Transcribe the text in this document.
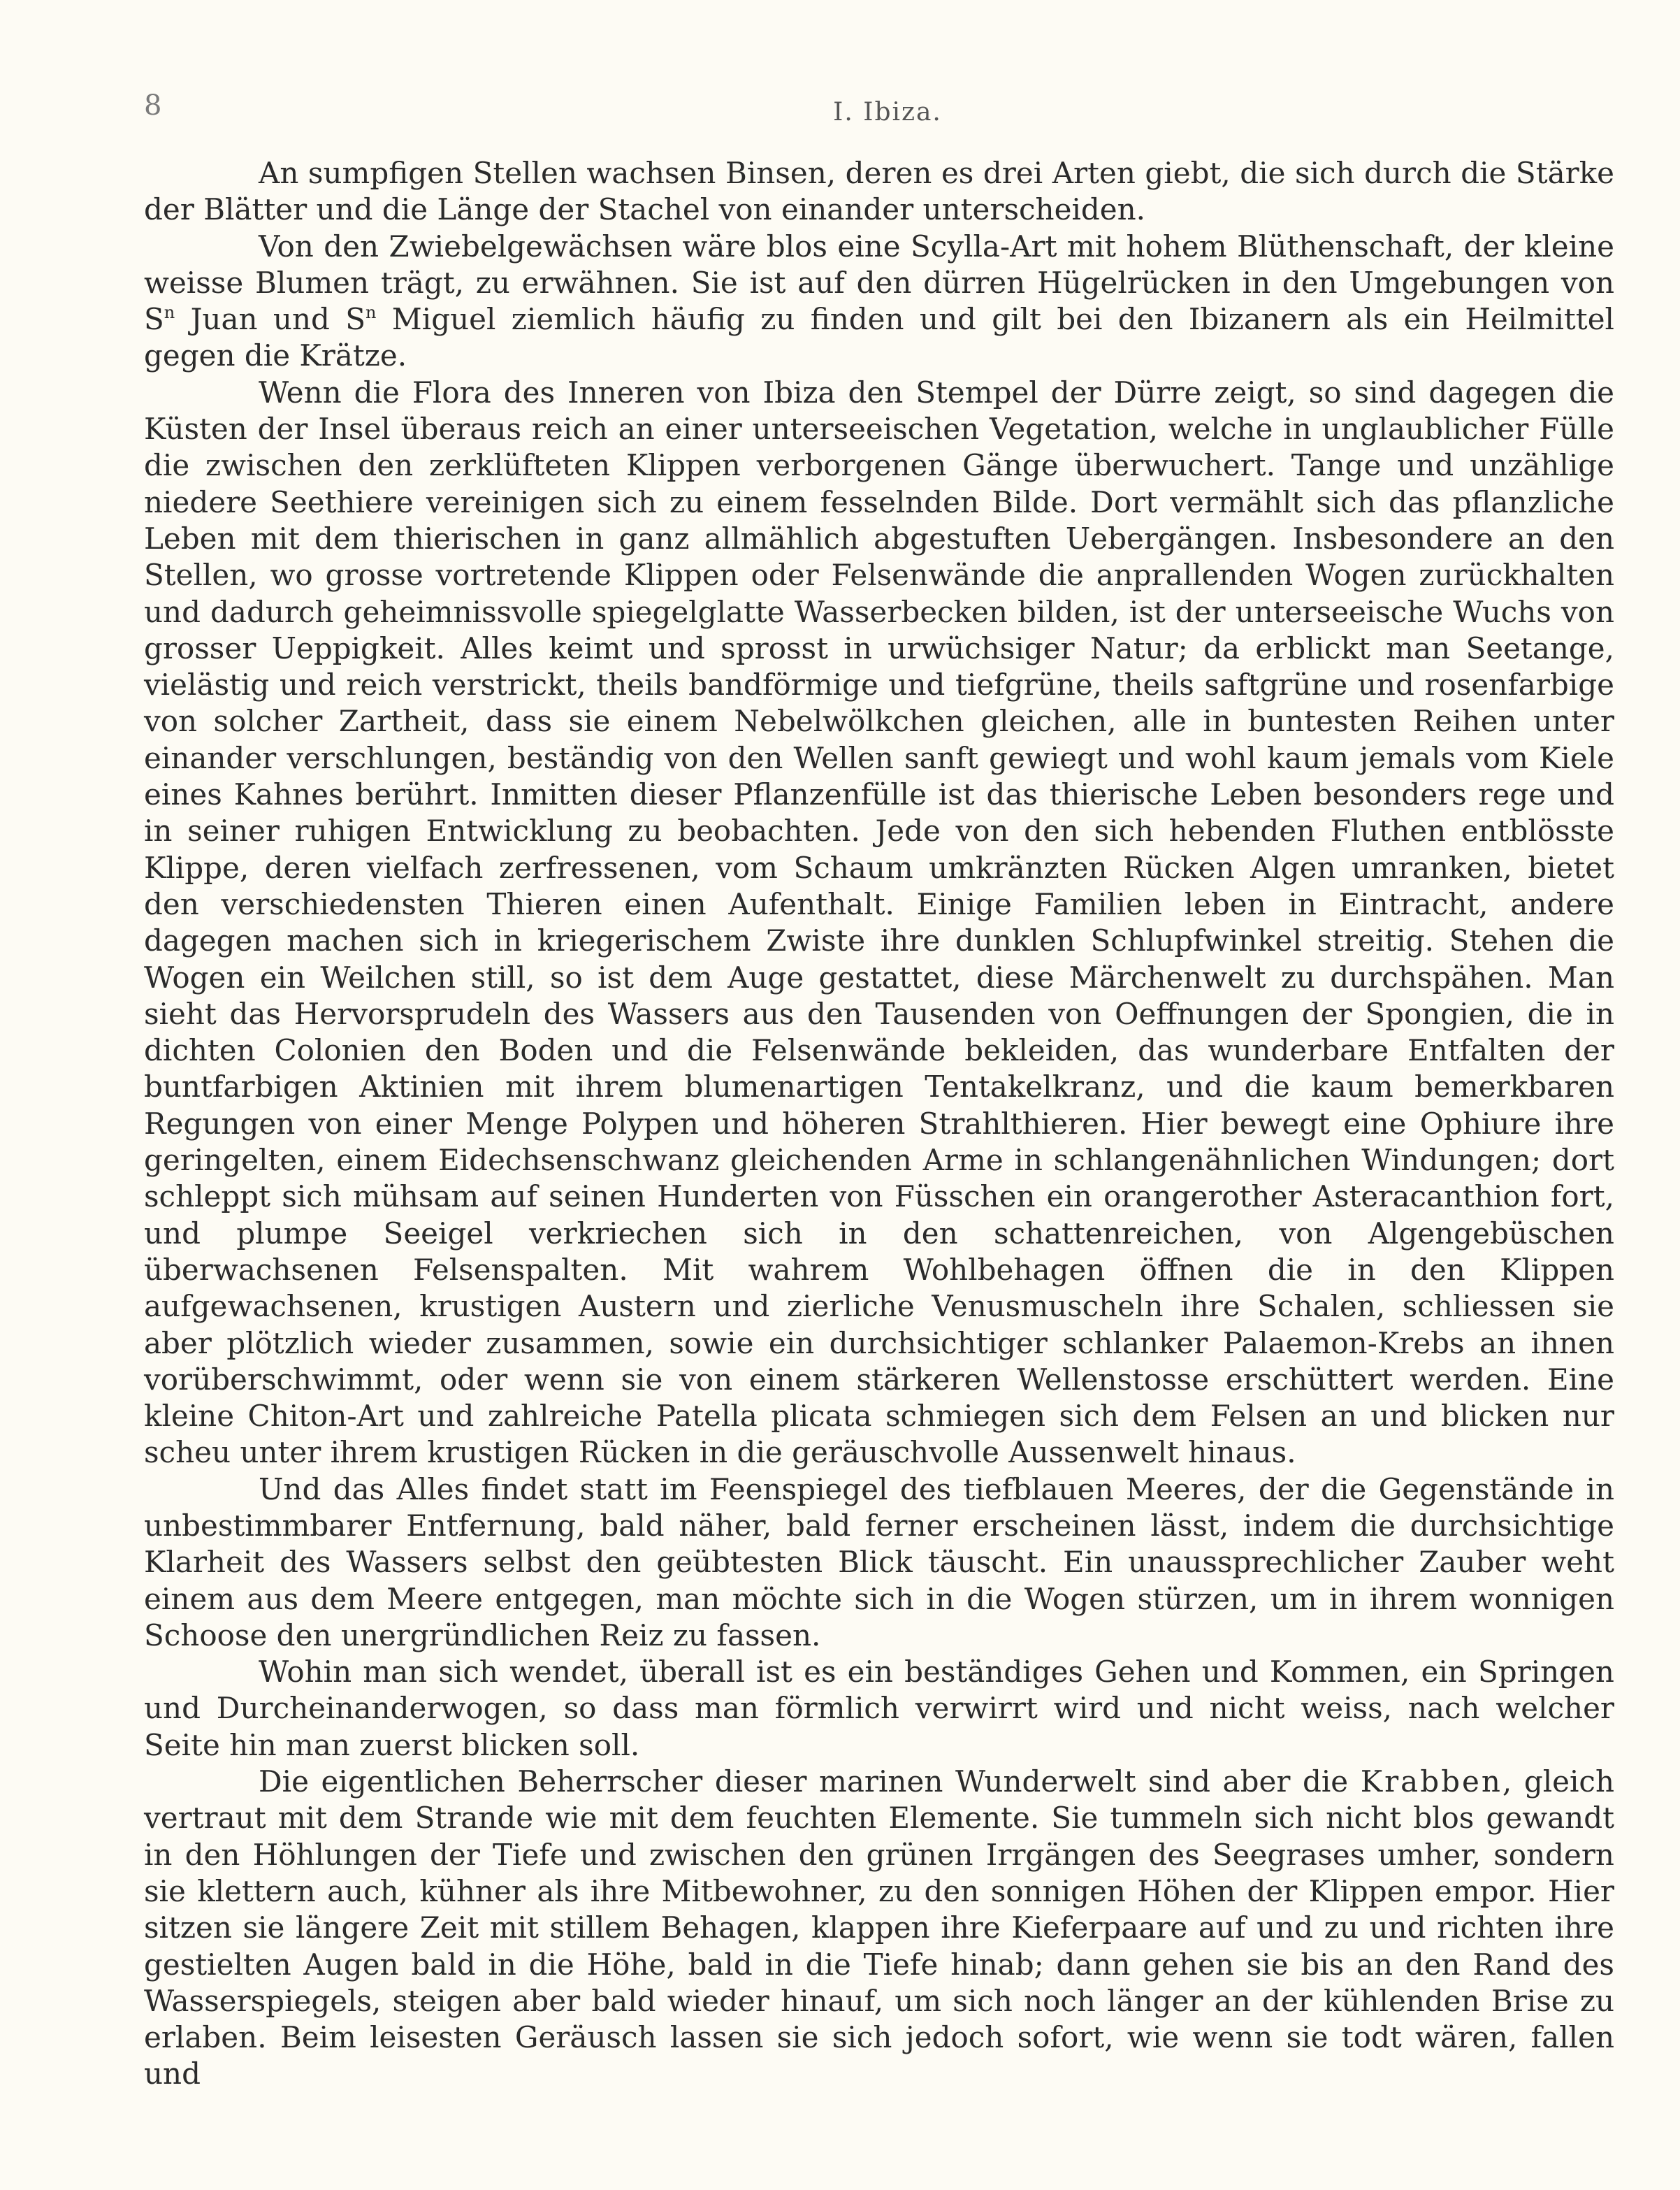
8	I. Ibiza.

An sumpfigen Stellen wachsen Binsen, deren es drei Arten giebt, die sich durch die Stärke der Blätter und die Länge der Stachel von einander unterscheiden.

Von den Zwiebelgewächsen wäre blos eine Scylla-Art mit hohem Blüthenschaft, der kleine weisse Blumen trägt, zu erwähnen. Sie ist auf den dürren Hügelrücken in den Umgebungen von $S^n$ Juan und $S^n$ Miguel ziemlich häufig zu finden und gilt bei den Ibizanern als ein Heilmittel gegen die Krätze.

Wenn die Flora des Inneren von Ibiza den Stempel der Dürre zeigt, so sind dagegen die Küsten der Insel überaus reich an einer unterseeischen Vegetation, welche in unglaublicher Fülle die zwischen den zerklüfteten Klippen verborgenen Gänge überwuchert. Tange und unzählige niedere Seethiere vereinigen sich zu einem fesselnden Bilde. Dort vermählt sich das pflanzliche Leben mit dem thierischen in ganz allmählich abgestuften Uebergängen. Insbesondere an den Stellen, wo grosse vortretende Klippen oder Felsenwände die anprallenden Wogen zurückhalten und dadurch geheimnissvolle spiegelglatte Wasserbecken bilden, ist der unterseeische Wuchs von grosser Ueppigkeit. Alles keimt und sprosst in urwüchsiger Natur; da erblickt man Seetange, vielästig und reich verstrickt, theils bandförmige und tiefgrüne, theils saftgrüne und rosenfarbige von solcher Zartheit, dass sie einem Nebelwölkchen gleichen, alle in buntesten Reihen unter einander verschlungen, beständig von den Wellen sanft gewiegt und wohl kaum jemals vom Kiele eines Kahnes berührt. Inmitten dieser Pflanzenfülle ist das thierische Leben besonders rege und in seiner ruhigen Entwicklung zu beobachten. Jede von den sich hebenden Fluthen entblösste Klippe, deren vielfach zerfressenen, vom Schaum umkränzten Rücken Algen umranken, bietet den verschiedensten Thieren einen Aufenthalt. Einige Familien leben in Eintracht, andere dagegen machen sich in kriegerischem Zwiste ihre dunklen Schlupfwinkel streitig. Stehen die Wogen ein Weilchen still, so ist dem Auge gestattet, diese Märchenwelt zu durchspähen. Man sieht das Hervorsprudeln des Wassers aus den Tausenden von Oeffnungen der Spongien, die in dichten Colonien den Boden und die Felsenwände bekleiden, das wunderbare Entfalten der buntfarbigen Aktinien mit ihrem blumenartigen Tentakelkranz, und die kaum bemerkbaren Regungen von einer Menge Polypen und höheren Strahlthieren. Hier bewegt eine Ophiure ihre geringelten, einem Eidechsenschwanz gleichenden Arme in schlangenähnlichen Windungen; dort schleppt sich mühsam auf seinen Hunderten von Füsschen ein orangerother Asteracanthion fort, und plumpe Seeigel verkriechen sich in den schattenreichen, von Algengebüschen überwachsenen Felsenspalten. Mit wahrem Wohlbehagen öffnen die in den Klippen aufgewachsenen, krustigen Austern und zierliche Venusmuscheln ihre Schalen, schliessen sie aber plötzlich wieder zusammen, sowie ein durchsichtiger schlanker Palaemon-Krebs an ihnen vorüberschwimmt, oder wenn sie von einem stärkeren Wellenstosse erschüttert werden. Eine kleine Chiton-Art und zahlreiche Patella plicata schmiegen sich dem Felsen an und blicken nur scheu unter ihrem krustigen Rücken in die geräuschvolle Aussenwelt hinaus.

Und das Alles findet statt im Feenspiegel des tiefblauen Meeres, der die Gegenstände in unbestimmbarer Entfernung, bald näher, bald ferner erscheinen lässt, indem die durchsichtige Klarheit des Wassers selbst den geübtesten Blick täuscht. Ein unaussprechlicher Zauber weht einem aus dem Meere entgegen, man möchte sich in die Wogen stürzen, um in ihrem wonnigen Schoose den unergründlichen Reiz zu fassen.

Wohin man sich wendet, überall ist es ein beständiges Gehen und Kommen, ein Springen und Durcheinanderwogen, so dass man förmlich verwirrt wird und nicht weiss, nach welcher Seite hin man zuerst blicken soll.

Die eigentlichen Beherrscher dieser marinen Wunderwelt sind aber die Krabben, gleich vertraut mit dem Strande wie mit dem feuchten Elemente. Sie tummeln sich nicht blos gewandt in den Höhlungen der Tiefe und zwischen den grünen Irrgängen des Seegrases umher, sondern sie klettern auch, kühner als ihre Mitbewohner, zu den sonnigen Höhen der Klippen empor. Hier sitzen sie längere Zeit mit stillem Behagen, klappen ihre Kieferpaare auf und zu und richten ihre gestielten Augen bald in die Höhe, bald in die Tiefe hinab; dann gehen sie bis an den Rand des Wasserspiegels, steigen aber bald wieder hinauf, um sich noch länger an der kühlenden Brise zu erlaben. Beim leisesten Geräusch lassen sie sich jedoch sofort, wie wenn sie todt wären, fallen und
